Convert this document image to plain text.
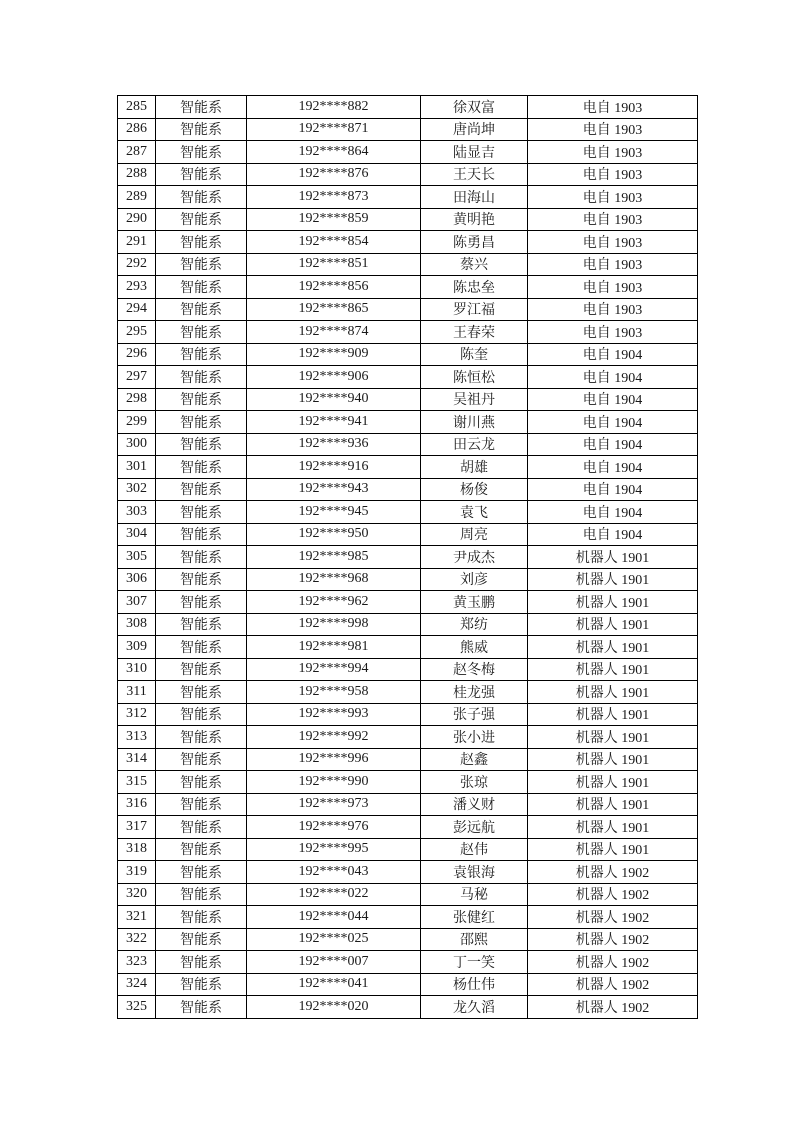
285	智能系	192****882	徐双富	电自 1903
286	智能系	192****871	唐尚坤	电自 1903
287	智能系	192****864	陆显吉	电自 1903
288	智能系	192****876	王天长	电自 1903
289	智能系	192****873	田海山	电自 1903
290	智能系	192****859	黄明艳	电自 1903
291	智能系	192****854	陈勇昌	电自 1903
292	智能系	192****851	蔡兴	电自 1903
293	智能系	192****856	陈忠垒	电自 1903
294	智能系	192****865	罗江福	电自 1903
295	智能系	192****874	王春荣	电自 1903
296	智能系	192****909	陈奎	电自 1904
297	智能系	192****906	陈恒松	电自 1904
298	智能系	192****940	吴祖丹	电自 1904
299	智能系	192****941	谢川燕	电自 1904
300	智能系	192****936	田云龙	电自 1904
301	智能系	192****916	胡雄	电自 1904
302	智能系	192****943	杨俊	电自 1904
303	智能系	192****945	袁飞	电自 1904
304	智能系	192****950	周亮	电自 1904
305	智能系	192****985	尹成杰	机器人 1901
306	智能系	192****968	刘彦	机器人 1901
307	智能系	192****962	黄玉鹏	机器人 1901
308	智能系	192****998	郑纺	机器人 1901
309	智能系	192****981	熊威	机器人 1901
310	智能系	192****994	赵冬梅	机器人 1901
311	智能系	192****958	桂龙强	机器人 1901
312	智能系	192****993	张子强	机器人 1901
313	智能系	192****992	张小进	机器人 1901
314	智能系	192****996	赵鑫	机器人 1901
315	智能系	192****990	张琼	机器人 1901
316	智能系	192****973	潘义财	机器人 1901
317	智能系	192****976	彭远航	机器人 1901
318	智能系	192****995	赵伟	机器人 1901
319	智能系	192****043	袁银海	机器人 1902
320	智能系	192****022	马秘	机器人 1902
321	智能系	192****044	张健红	机器人 1902
322	智能系	192****025	邵熙	机器人 1902
323	智能系	192****007	丁一笑	机器人 1902
324	智能系	192****041	杨仕伟	机器人 1902
325	智能系	192****020	龙久滔	机器人 1902
